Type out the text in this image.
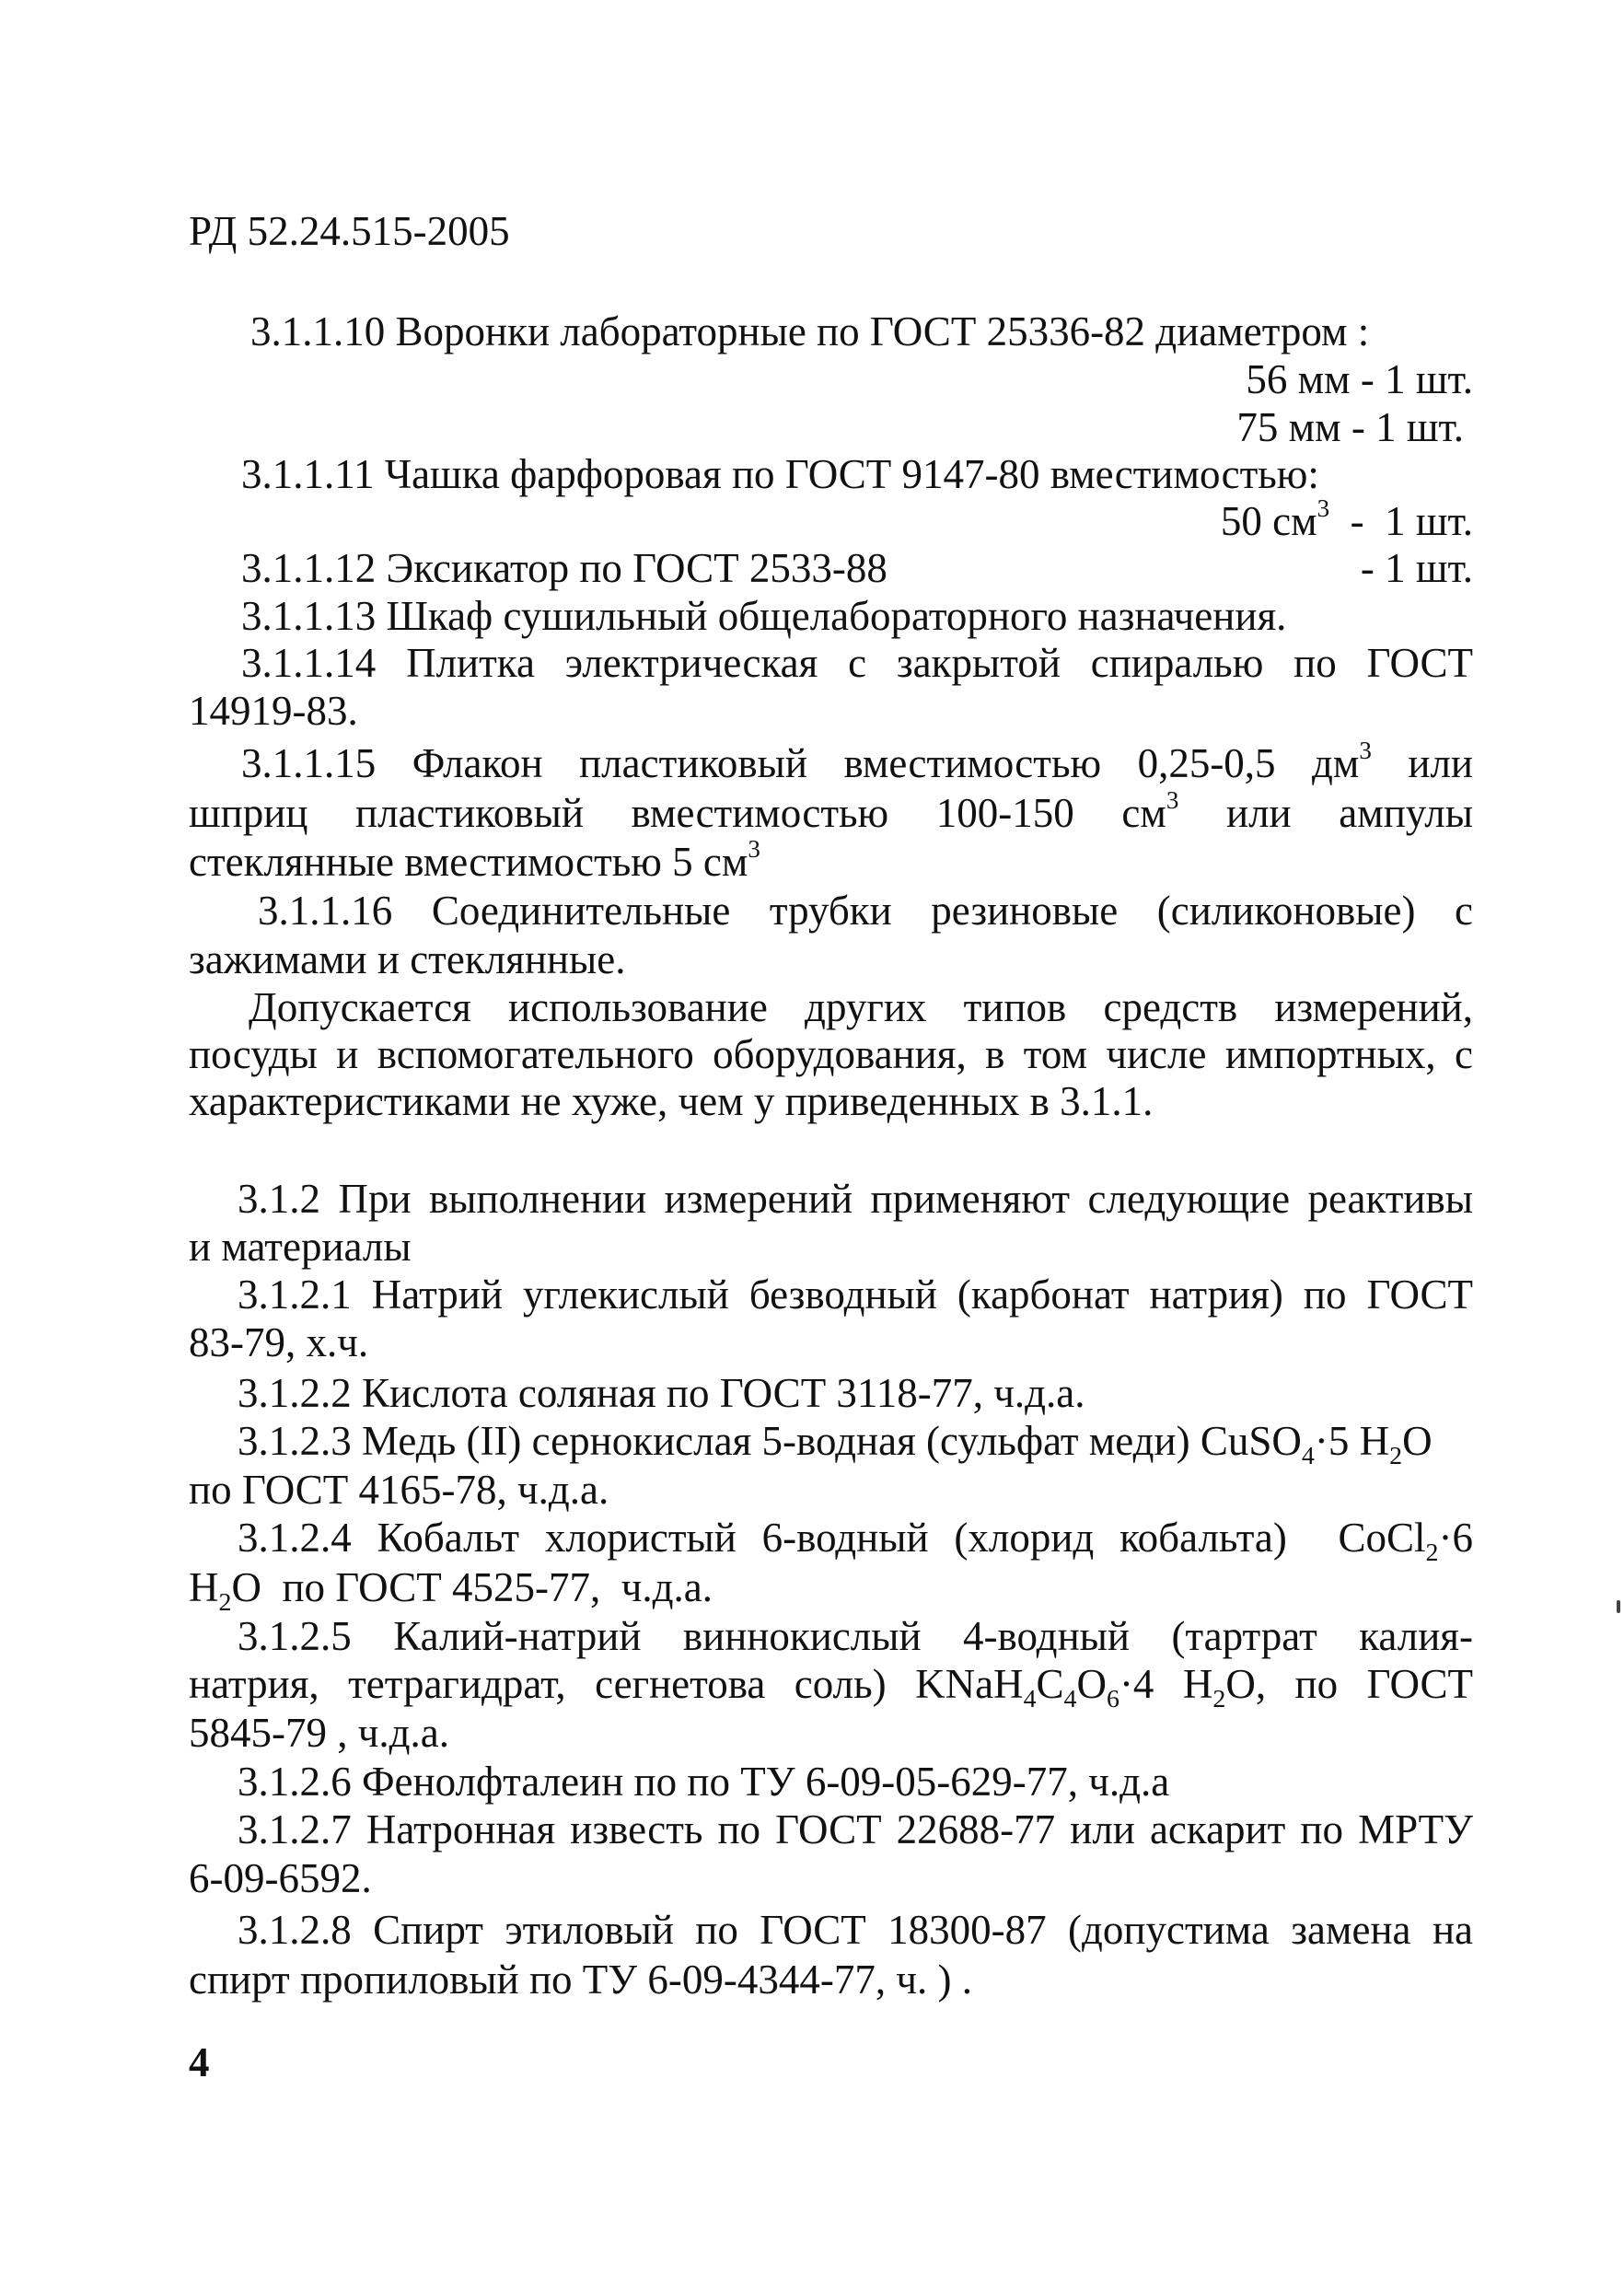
РД 52.24.515-2005
3.1.1.10 Воронки лабораторные по ГОСТ 25336-82 диаметром :
56 мм - 1 шт.
75 мм - 1 шт.
3.1.1.11 Чашка фарфоровая по ГОСТ 9147-80 вместимостью:
50 $см^3 - 1$ шт.
3.1.1.12 Эксикатор по ГОСТ 2533-88	- 1 шт.
3.1.1.13 Шкаф сушильный общелабораторного назначения.
3.1.1.14 Плитка электрическая с закрытой спиралью по ГОСТ
14919-83.
3.1.1.15 Флакон пластиковый вместимостью 0,25-0,5 $дм^3$ или
шприц пластиковый вместимостью 100-150 $см^3$ или ампулы
стеклянные вместимостью 5 $см^3$
3.1.1.16 Соединительные трубки резиновые (силиконовые) с
зажимами и стеклянные.
Допускается использование других типов средств измерений,
посуды и вспомогательного оборудования, в том числе импортных, с
характеристиками не хуже, чем у приведенных в 3.1.1.
3.1.2 При выполнении измерений применяют следующие реактивы
и материалы
3.1.2.1 Натрий углекислый безводный (карбонат натрия) по ГОСТ
83-79, х.ч.
3.1.2.2 Кислота соляная по ГОСТ 3118-77, ч.д.а.
3.1.2.3 Медь (II) сернокислая 5-водная (сульфат меди) CuSO$_4$·5 $H_2O$
по ГОСТ 4165-78, ч.д.а.
3.1.2.4 Кобальт хлористый 6-водный (хлорид кобальта)  CoCl$_2$·6
$H_2O$  по ГОСТ 4525-77,  ч.д.а.
3.1.2.5 Калий-натрий виннокислый 4-водный (тартрат калия-
натрия, тетрагидрат, сегнетова соль) $KNaH_4C_4O_6\cdot 4$ $H_2O$, по ГОСТ
5845-79 , ч.д.а.
3.1.2.6 Фенолфталеин по по ТУ 6-09-05-629-77, ч.д.а
3.1.2.7 Натронная известь по ГОСТ 22688-77 или аскарит по МРТУ
6-09-6592.
3.1.2.8 Спирт этиловый по ГОСТ 18300-87 (допустима замена на
спирт пропиловый по ТУ 6-09-4344-77, ч. ) .
4
